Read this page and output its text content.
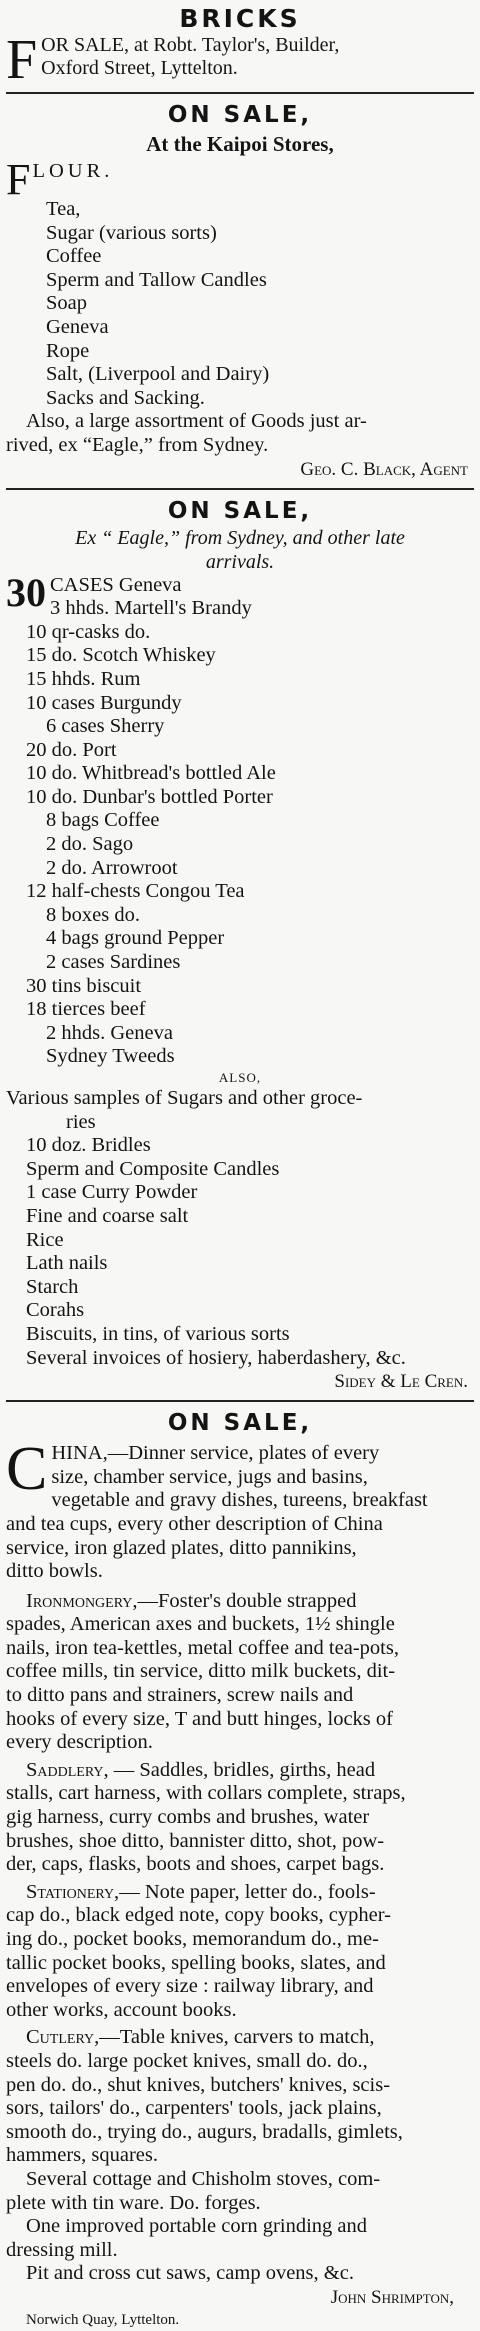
BRICKS
F OR SALE, at Robt. Taylor's, Builder,
Oxford Street, Lyttelton.
ON SALE,
At the Kaipoi Stores,
F LOUR.
Tea,
Sugar (various sorts)
Coffee
Sperm and Tallow Candles
Soap
Geneva
Rope
Salt, (Liverpool and Dairy)
Sacks and Sacking.
Also, a large assortment of Goods just ar-
rived, ex “Eagle,” from Sydney.
Geo. C. Black, Agent
ON SALE,
Ex “ Eagle,” from Sydney, and other late
arrivals.
30 CASES Geneva
3 hhds. Martell's Brandy
10 qr-casks do.
15 do. Scotch Whiskey
15 hhds. Rum
10 cases Burgundy
6 cases Sherry
20 do. Port
10 do. Whitbread's bottled Ale
10 do. Dunbar's bottled Porter
8 bags Coffee
2 do. Sago
2 do. Arrowroot
12 half-chests Congou Tea
8 boxes do.
4 bags ground Pepper
2 cases Sardines
30 tins biscuit
18 tierces beef
2 hhds. Geneva
Sydney Tweeds
ALSO,
Various samples of Sugars and other groce-
ries
10 doz. Bridles
Sperm and Composite Candles
1 case Curry Powder
Fine and coarse salt
Rice
Lath nails
Starch
Corahs
Biscuits, in tins, of various sorts
Several invoices of hosiery, haberdashery, &c.
Sidey & Le Cren.
ON SALE,
C HINA,—Dinner service, plates of every
size, chamber service, jugs and basins,
vegetable and gravy dishes, tureens, breakfast
and tea cups, every other description of China
service, iron glazed plates, ditto pannikins,
ditto bowls.
Ironmongery,—Foster's double strapped
spades, American axes and buckets, 1½ shingle
nails, iron tea-kettles, metal coffee and tea-pots,
coffee mills, tin service, ditto milk buckets, dit-
to ditto pans and strainers, screw nails and
hooks of every size, T and butt hinges, locks of
every description.
Saddlery, — Saddles, bridles, girths, head
stalls, cart harness, with collars complete, straps,
gig harness, curry combs and brushes, water
brushes, shoe ditto, bannister ditto, shot, pow-
der, caps, flasks, boots and shoes, carpet bags.
Stationery,— Note paper, letter do., fools-
cap do., black edged note, copy books, cypher-
ing do., pocket books, memorandum do., me-
tallic pocket books, spelling books, slates, and
envelopes of every size : railway library, and
other works, account books.
Cutlery,—Table knives, carvers to match,
steels do. large pocket knives, small do. do.,
pen do. do., shut knives, butchers' knives, scis-
sors, tailors' do., carpenters' tools, jack plains,
smooth do., trying do., augurs, bradalls, gimlets,
hammers, squares.
Several cottage and Chisholm stoves, com-
plete with tin ware. Do. forges.
One improved portable corn grinding and
dressing mill.
Pit and cross cut saws, camp ovens, &c.
John Shrimpton,
Norwich Quay, Lyttelton.
